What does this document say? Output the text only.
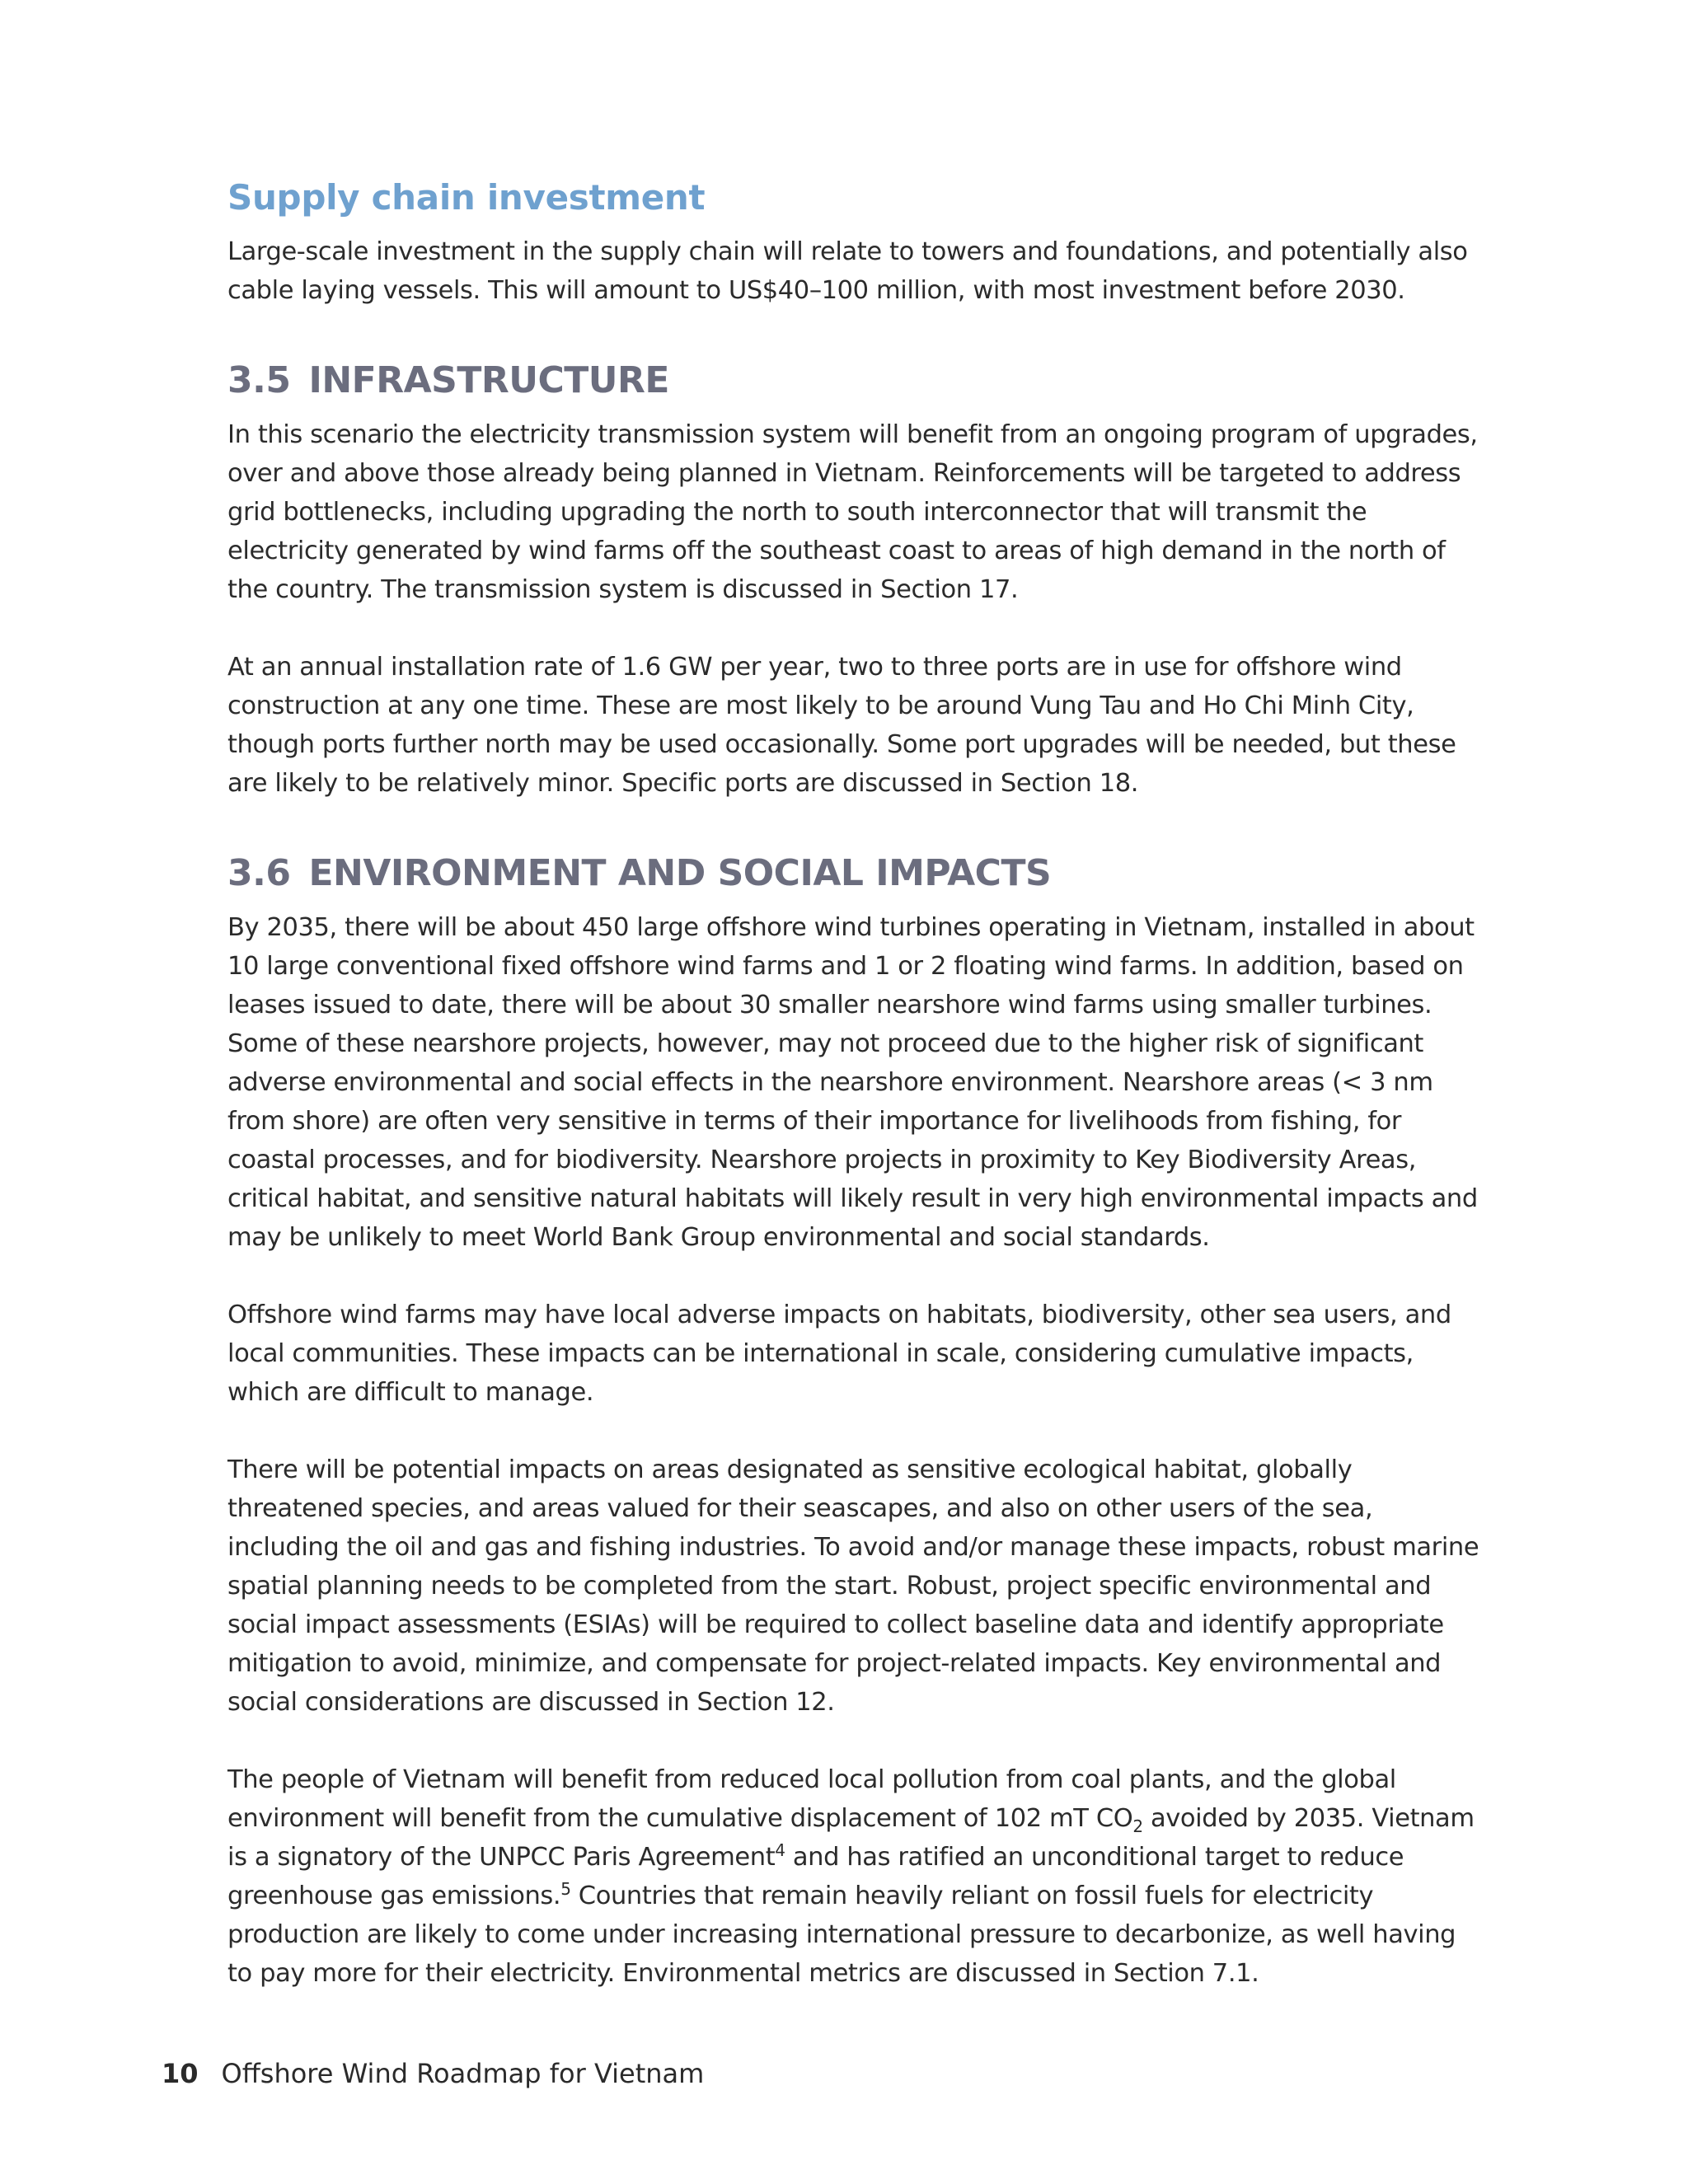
Supply chain investment

Large-scale investment in the supply chain will relate to towers and foundations, and potentially also cable laying vessels. This will amount to US$40–100 million, with most investment before 2030.

3.5 INFRASTRUCTURE

In this scenario the electricity transmission system will benefit from an ongoing program of upgrades, over and above those already being planned in Vietnam. Reinforcements will be targeted to address grid bottlenecks, including upgrading the north to south interconnector that will transmit the electricity generated by wind farms off the southeast coast to areas of high demand in the north of the country. The transmission system is discussed in Section 17.

At an annual installation rate of 1.6 GW per year, two to three ports are in use for offshore wind construction at any one time. These are most likely to be around Vung Tau and Ho Chi Minh City, though ports further north may be used occasionally. Some port upgrades will be needed, but these are likely to be relatively minor. Specific ports are discussed in Section 18.

3.6 ENVIRONMENT AND SOCIAL IMPACTS

By 2035, there will be about 450 large offshore wind turbines operating in Vietnam, installed in about 10 large conventional fixed offshore wind farms and 1 or 2 floating wind farms. In addition, based on leases issued to date, there will be about 30 smaller nearshore wind farms using smaller turbines. Some of these nearshore projects, however, may not proceed due to the higher risk of significant adverse environmental and social effects in the nearshore environment. Nearshore areas (< 3 nm from shore) are often very sensitive in terms of their importance for livelihoods from fishing, for coastal processes, and for biodiversity. Nearshore projects in proximity to Key Biodiversity Areas, critical habitat, and sensitive natural habitats will likely result in very high environmental impacts and may be unlikely to meet World Bank Group environmental and social standards.

Offshore wind farms may have local adverse impacts on habitats, biodiversity, other sea users, and local communities. These impacts can be international in scale, considering cumulative impacts, which are difficult to manage.

There will be potential impacts on areas designated as sensitive ecological habitat, globally threatened species, and areas valued for their seascapes, and also on other users of the sea, including the oil and gas and fishing industries. To avoid and/or manage these impacts, robust marine spatial planning needs to be completed from the start. Robust, project specific environmental and social impact assessments (ESIAs) will be required to collect baseline data and identify appropriate mitigation to avoid, minimize, and compensate for project-related impacts. Key environmental and social considerations are discussed in Section 12.

The people of Vietnam will benefit from reduced local pollution from coal plants, and the global environment will benefit from the cumulative displacement of 102 mT $CO_2$ avoided by 2035. Vietnam is a signatory of the UNPCC Paris Agreement$^4$ and has ratified an unconditional target to reduce greenhouse gas emissions.$^5$ Countries that remain heavily reliant on fossil fuels for electricity production are likely to come under increasing international pressure to decarbonize, as well having to pay more for their electricity. Environmental metrics are discussed in Section 7.1.

10 Offshore Wind Roadmap for Vietnam
